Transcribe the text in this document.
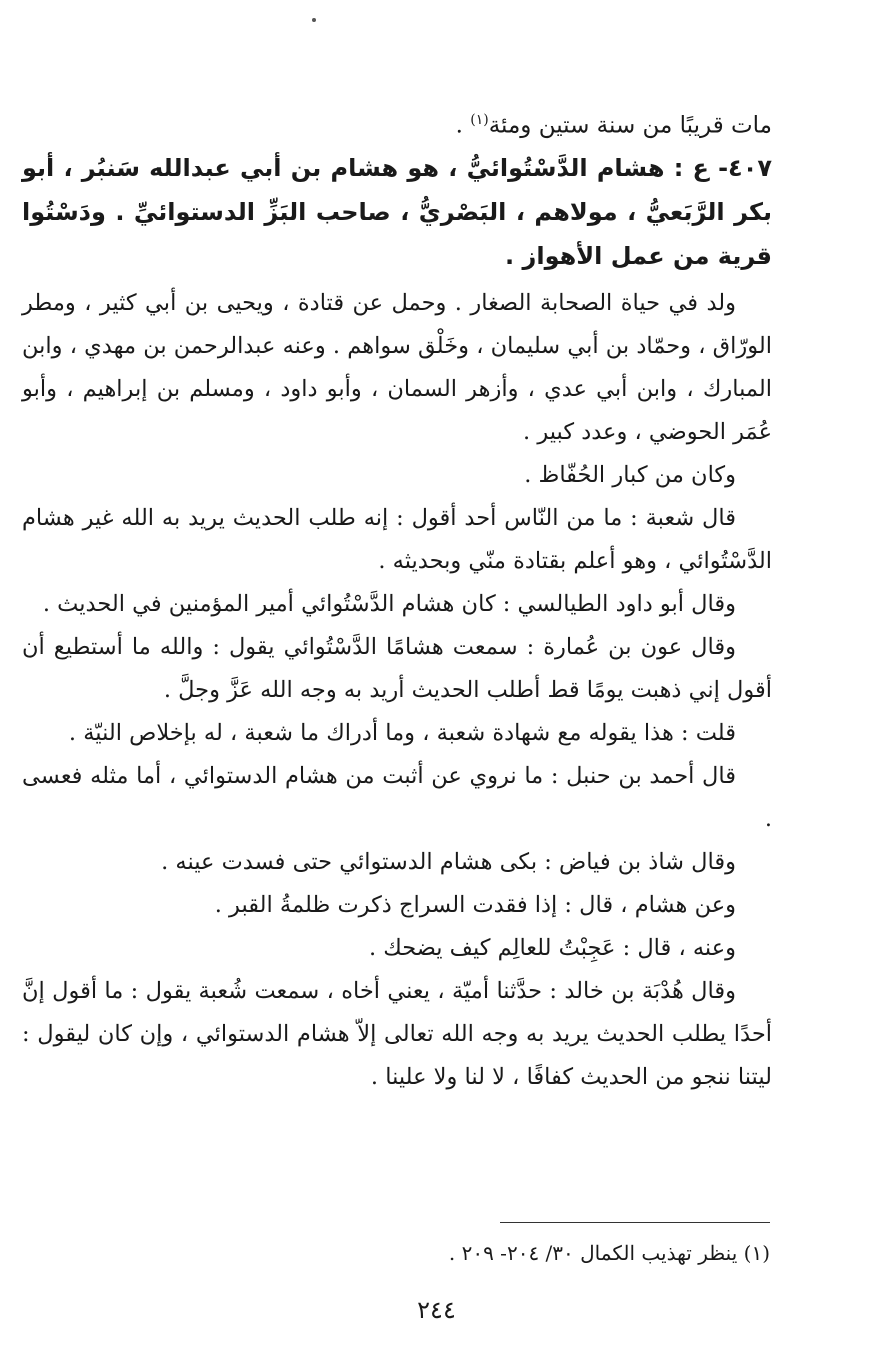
مات قريبًا من سنة ستين ومئة$^{(١)}$ .

٤٠٧- ع : هشام الدَّسْتُوائيُّ ، هو هشام بن أبي عبدالله سَنبُر ، أبو بكر الرَّبَعيُّ ، مولاهم ، البَصْريُّ ، صاحب البَزِّ الدستوائيِّ . ودَسْتُوا قرية من عمل الأهواز .

ولد في حياة الصحابة الصغار . وحمل عن قتادة ، ويحيى بن أبي كثير ، ومطر الورّاق ، وحمّاد بن أبي سليمان ، وخَلْق سواهم . وعنه عبدالرحمن بن مهدي ، وابن المبارك ، وابن أبي عدي ، وأزهر السمان ، وأبو داود ، ومسلم بن إبراهيم ، وأبو عُمَر الحوضي ، وعدد كبير .

وكان من كبار الحُفّاظ .

قال شعبة : ما من النّاس أحد أقول : إنه طلب الحديث يريد به الله غير هشام الدَّسْتُوائي ، وهو أعلم بقتادة منّي وبحديثه .

وقال أبو داود الطيالسي : كان هشام الدَّسْتُوائي أمير المؤمنين في الحديث .

وقال عون بن عُمارة : سمعت هشامًا الدَّسْتُوائي يقول : والله ما أستطيع أن أقول إني ذهبت يومًا قط أطلب الحديث أريد به وجه الله عَزَّ وجلَّ .

قلت : هذا يقوله مع شهادة شعبة ، وما أدراك ما شعبة ، له بإخلاص النيّة .

قال أحمد بن حنبل : ما نروي عن أثبت من هشام الدستوائي ، أما مثله فعسى .

وقال شاذ بن فياض : بكى هشام الدستوائي حتى فسدت عينه .

وعن هشام ، قال : إذا فقدت السراج ذكرت ظلمةُ القبر .

وعنه ، قال : عَجِبْتُ للعالِم كيف يضحك .

وقال هُدْبَة بن خالد : حدَّثنا أميّة ، يعني أخاه ، سمعت شُعبة يقول : ما أقول إنَّ أحدًا يطلب الحديث يريد به وجه الله تعالى إلاّ هشام الدستوائي ، وإن كان ليقول : ليتنا ننجو من الحديث كفافًا ، لا لنا ولا علينا .

(١) ينظر تهذيب الكمال ٣٠/ ٢٠٤- ٢٠٩ .
٢٤٤
